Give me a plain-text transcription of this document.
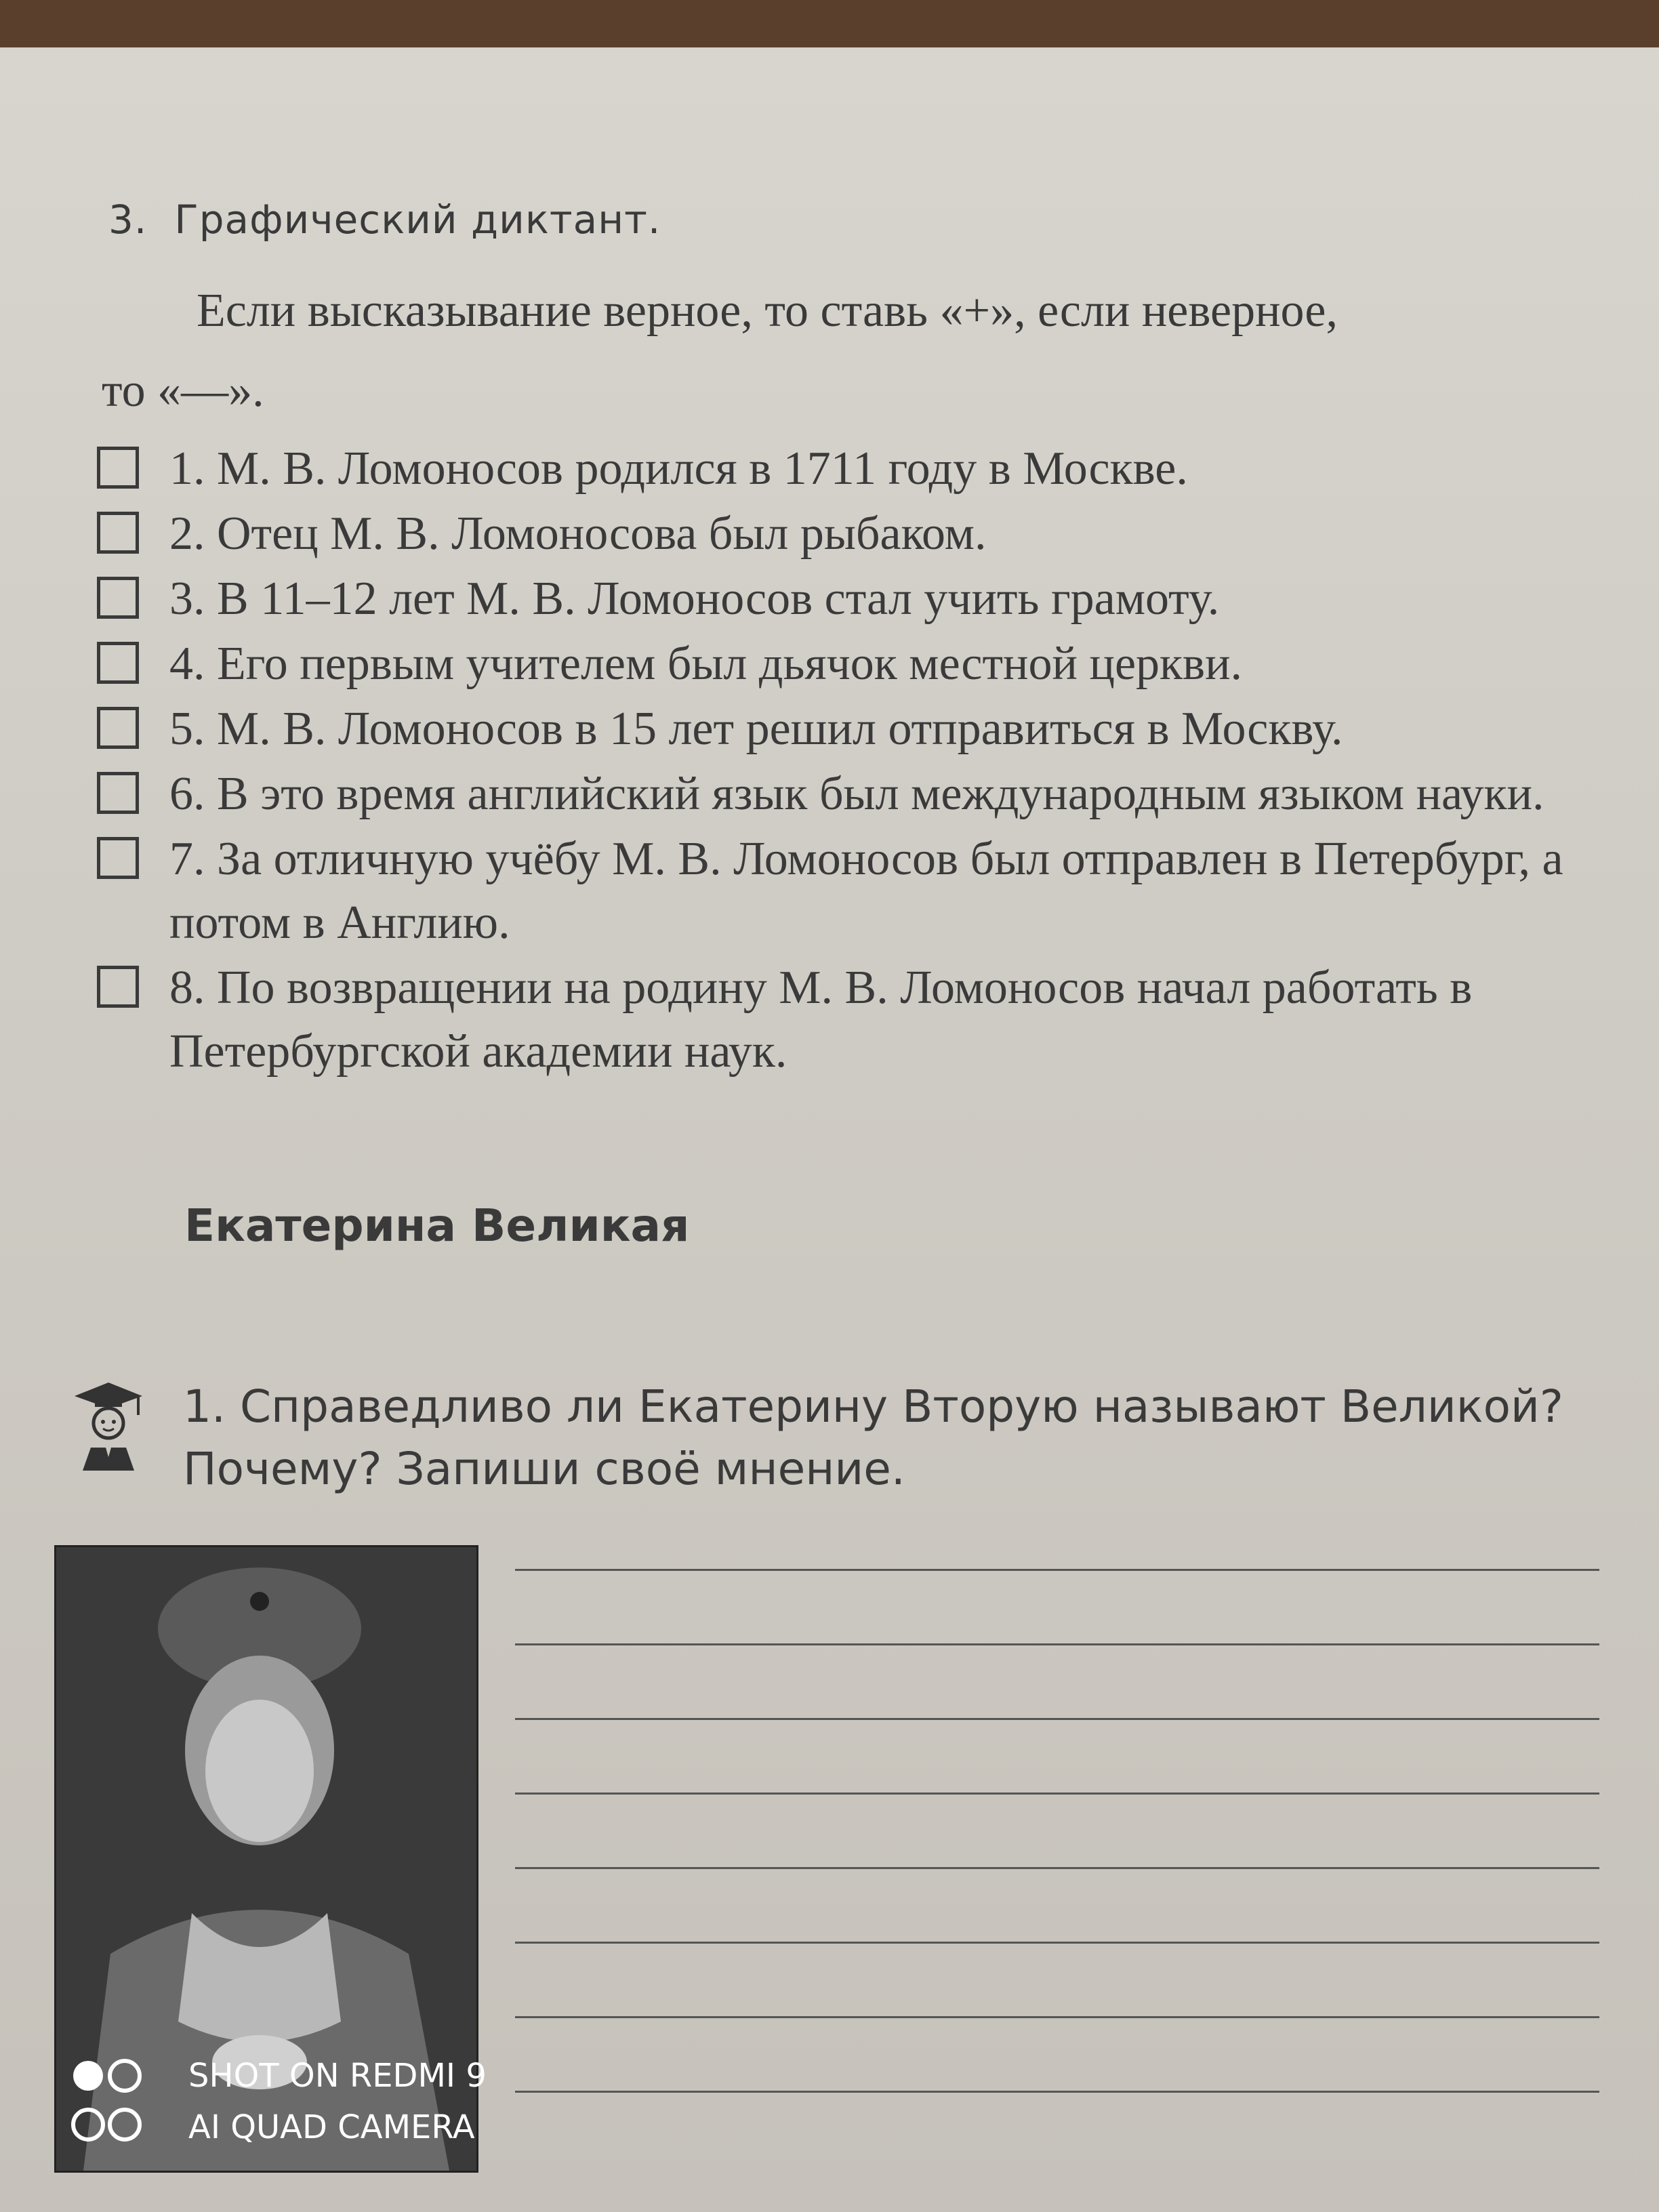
3. Графический диктант.
Если высказывание верное, то ставь «+», если неверное,
то «—».
1. М. В. Ломоносов родился в 1711 году в Москве.
2. Отец М. В. Ломоносова был рыбаком.
3. В 11–12 лет М. В. Ломоносов стал учить грамоту.
4. Его первым учителем был дьячок местной церкви.
5. М. В. Ломоносов в 15 лет решил отправиться в Москву.
6. В это время английский язык был международным языком науки.
7. За отличную учёбу М. В. Ломоносов был отправлен в Петербург, а потом в Англию.
8. По возвращении на родину М. В. Ломоносов начал работать в Петербургской академии наук.
Екатерина Великая
1. Справедливо ли Екатерину Вторую называют Великой? Почему? Запиши своё мнение.
SHOT ON REDMI 9
AI QUAD CAMERA
